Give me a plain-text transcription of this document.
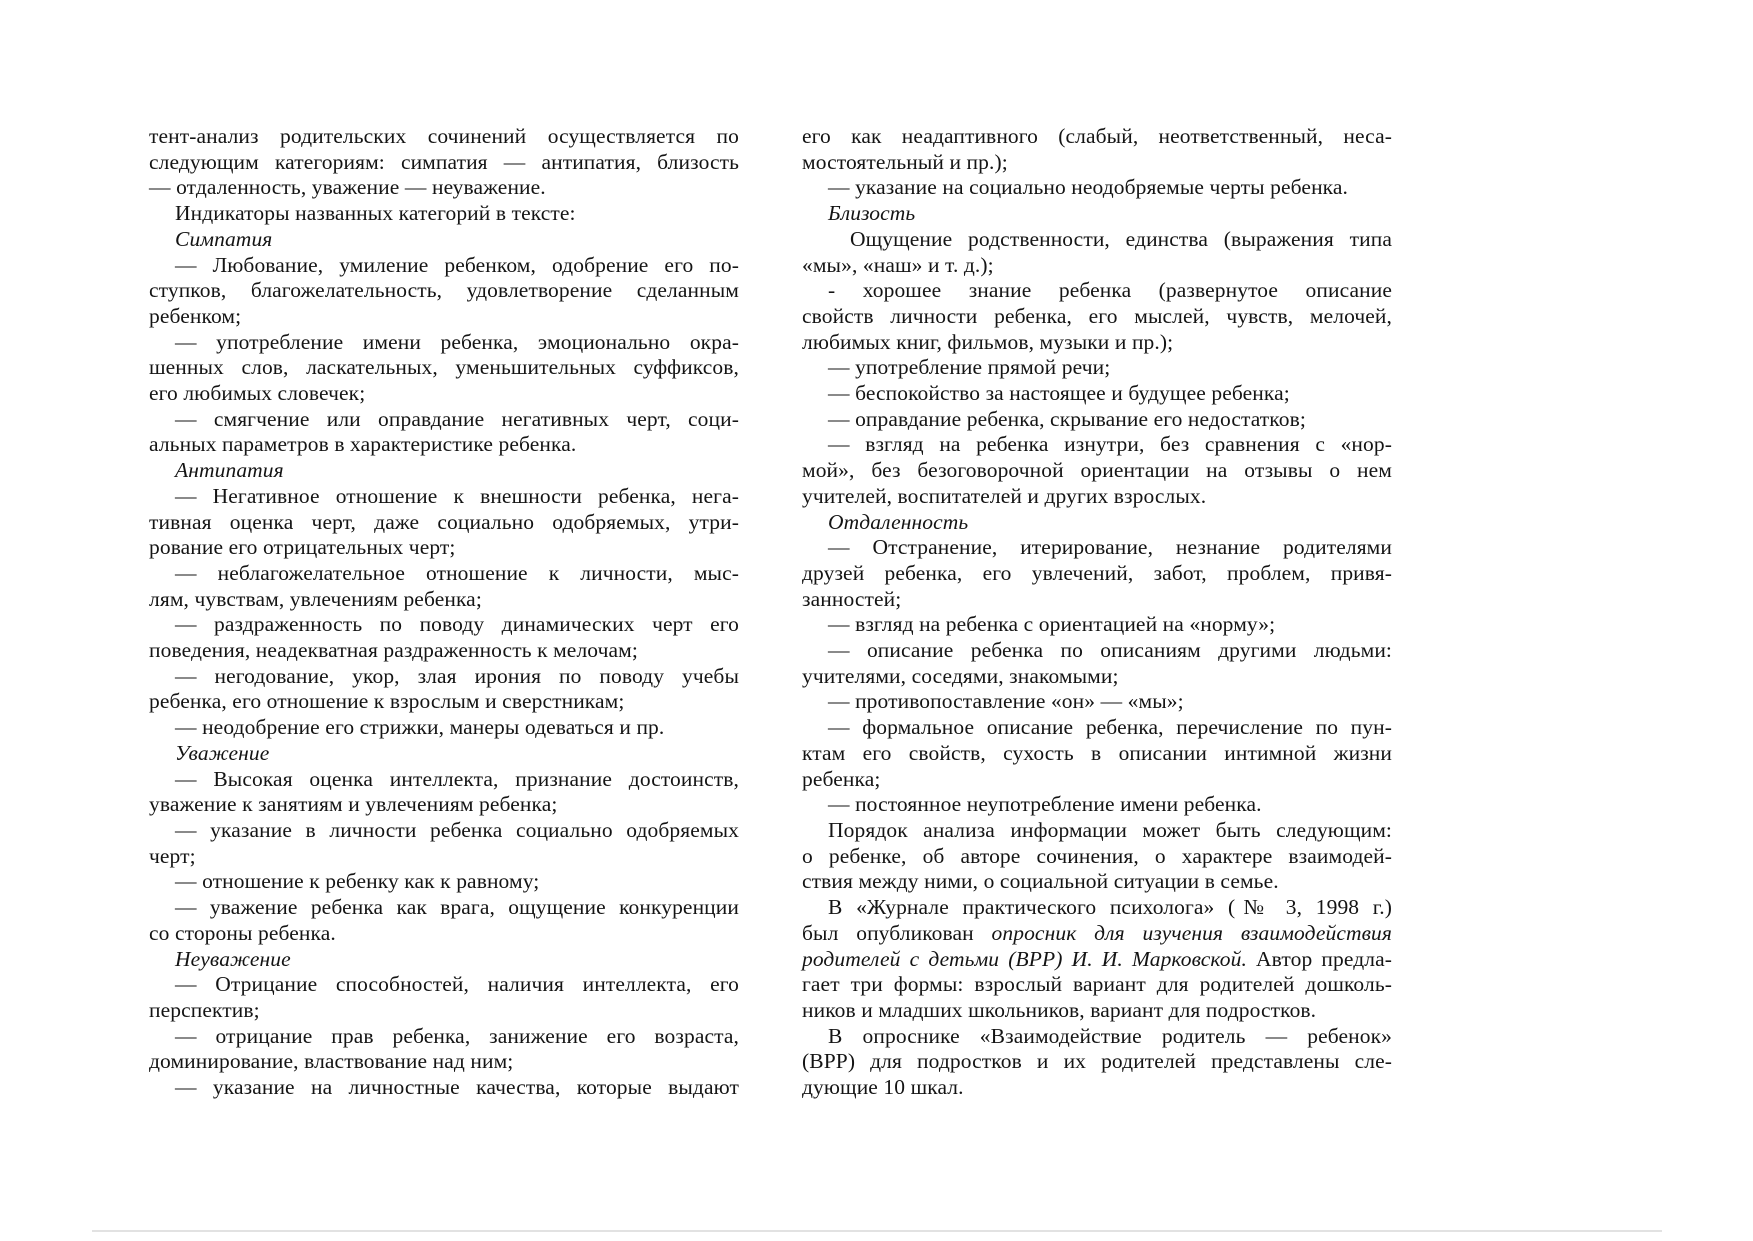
тент-анализ родительских сочинений осуществляется по
следующим категориям: симпатия — антипатия, близость
— отдаленность, уважение — неуважение.
Индикаторы названных категорий в тексте:
Симпатия
— Любование, умиление ребенком, одобрение его по-
ступков, благожелательность, удовлетворение сделанным
ребенком;
— употребление имени ребенка, эмоционально окра-
шенных слов, ласкательных, уменьшительных суффиксов,
его любимых словечек;
— смягчение или оправдание негативных черт, соци-
альных параметров в характеристике ребенка.
Антипатия
— Негативное отношение к внешности ребенка, нега-
тивная оценка черт, даже социально одобряемых, утри-
рование его отрицательных черт;
— неблагожелательное отношение к личности, мыс-
лям, чувствам, увлечениям ребенка;
— раздраженность по поводу динамических черт его
поведения, неадекватная раздраженность к мелочам;
— негодование, укор, злая ирония по поводу учебы
ребенка, его отношение к взрослым и сверстникам;
— неодобрение его стрижки, манеры одеваться и пр.
Уважение
— Высокая оценка интеллекта, признание достоинств,
уважение к занятиям и увлечениям ребенка;
— указание в личности ребенка социально одобряемых
черт;
— отношение к ребенку как к равному;
— уважение ребенка как врага, ощущение конкуренции
со стороны ребенка.
Неуважение
— Отрицание способностей, наличия интеллекта, его
перспектив;
— отрицание прав ребенка, занижение его возраста,
доминирование, властвование над ним;
— указание на личностные качества, которые выдают
его как неадаптивного (слабый, неответственный, неса-
мостоятельный и пр.);
— указание на социально неодобряемые черты ребенка.
Близость
Ощущение родственности, единства (выражения типа
«мы», «наш» и т. д.);
- хорошее знание ребенка (развернутое описание
свойств личности ребенка, его мыслей, чувств, мелочей,
любимых книг, фильмов, музыки и пр.);
— употребление прямой речи;
— беспокойство за настоящее и будущее ребенка;
— оправдание ребенка, скрывание его недостатков;
— взгляд на ребенка изнутри, без сравнения с «нор-
мой», без безоговорочной ориентации на отзывы о нем
учителей, воспитателей и других взрослых.
Отдаленность
— Отстранение, итерирование, незнание родителями
друзей ребенка, его увлечений, забот, проблем, привя-
занностей;
— взгляд на ребенка с ориентацией на «норму»;
— описание ребенка по описаниям другими людьми:
учителями, соседями, знакомыми;
— противопоставление «он» — «мы»;
— формальное описание ребенка, перечисление по пун-
ктам его свойств, сухость в описании интимной жизни
ребенка;
— постоянное неупотребление имени ребенка.
Порядок анализа информации может быть следующим:
о ребенке, об авторе сочинения, о характере взаимодей-
ствия между ними, о социальной ситуации в семье.
В «Журнале практического психолога» (№ 3, 1998 г.)
был опубликован опросник для изучения взаимодействия
родителей с детьми (ВРР) И. И. Марковской. Автор предла-
гает три формы: взрослый вариант для родителей дошколь-
ников и младших школьников, вариант для подростков.
В опроснике «Взаимодействие родитель — ребенок»
(ВРР) для подростков и их родителей представлены сле-
дующие 10 шкал.
